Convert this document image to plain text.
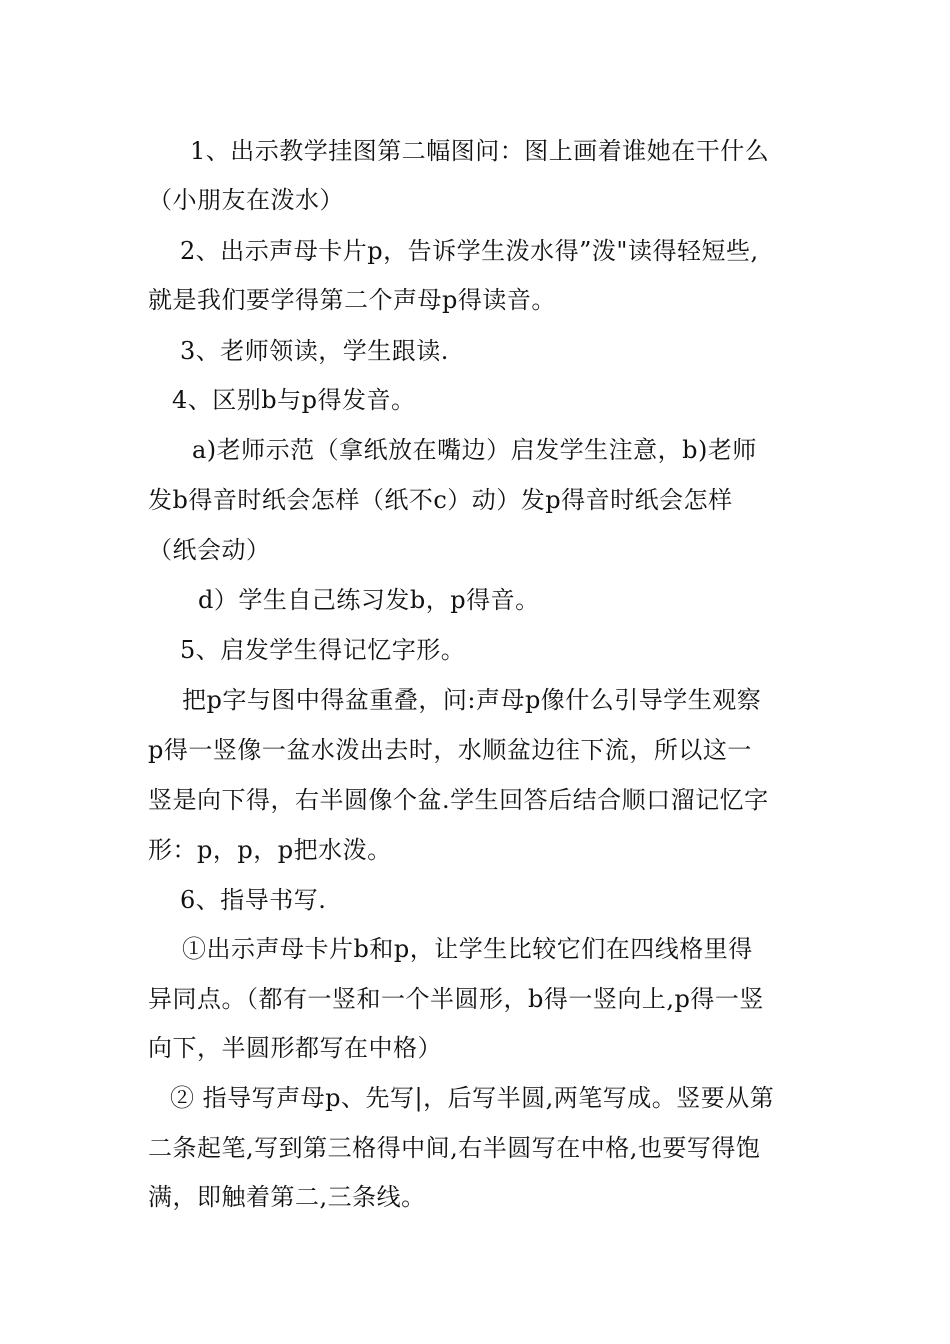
1、出示教学挂图第二幅图问：图上画着谁她在干什么
（小朋友在泼水）
2、出示声母卡片p，告诉学生泼水得”泼"读得轻短些,
就是我们要学得第二个声母p得读音。
3、老师领读，学生跟读.
4、区别b与p得发音。
a)老师示范（拿纸放在嘴边）启发学生注意，b)老师
发b得音时纸会怎样（纸不c）动）发p得音时纸会怎样
（纸会动）
d）学生自己练习发b，p得音。
5、启发学生得记忆字形。
把p字与图中得盆重叠，问:声母p像什么引导学生观察
p得一竖像一盆水泼出去时，水顺盆边往下流，所以这一
竖是向下得，右半圆像个盆.学生回答后结合顺口溜记忆字
形：p，p，p把水泼。
6、指导书写.
①出示声母卡片b和p，让学生比较它们在四线格里得
异同点。（都有一竖和一个半圆形，b得一竖向上,p得一竖
向下，半圆形都写在中格）
② 指导写声母p、先写|，后写半圆,两笔写成。竖要从第
二条起笔,写到第三格得中间,右半圆写在中格,也要写得饱
满，即触着第二,三条线。
